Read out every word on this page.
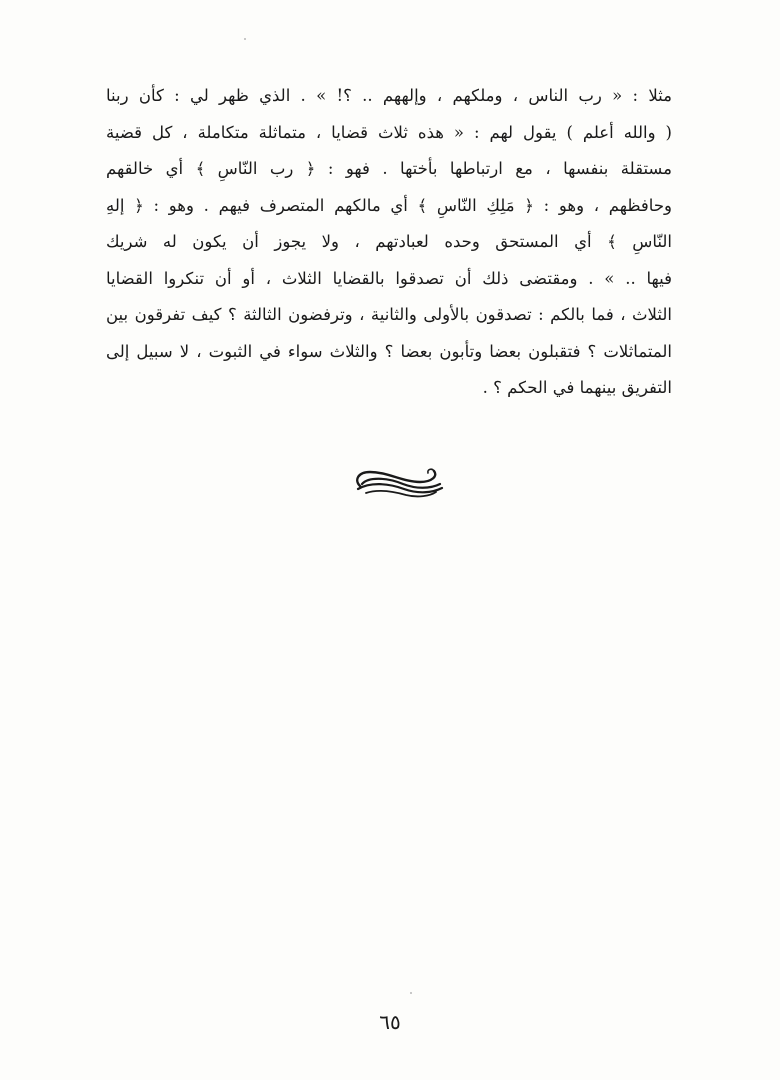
مثلا : « رب الناس ، وملكهم ، وإلههم .. ؟! » . الذي ظهر لي : كأن ربنا
( والله أعلم ) يقول لهم : « هذه ثلاث قضايا ، متماثلة متكاملة ، كل قضية
مستقلة بنفسها ، مع ارتباطها بأختها . فهو : ﴿ رب النّاسِ ﴾ أي خالقهم
وحافظهم ، وهو : ﴿ مَلِكِ النّاسِ ﴾ أي مالكهم المتصرف فيهم . وهو : ﴿ إلهِ
النّاسِ ﴾ أي المستحق وحده لعبادتهم ، ولا يجوز أن يكون له شريك
فيها .. » . ومقتضى ذلك أن تصدقوا بالقضايا الثلاث ، أو أن تنكروا القضايا
الثلاث ، فما بالكم : تصدقون بالأولى والثانية ، وترفضون الثالثة ؟ كيف تفرقون بين
المتماثلات ؟ فتقبلون بعضا وتأبون بعضا ؟ والثلاث سواء في الثبوت ، لا سبيل إلى
التفريق بينهما في الحكم ؟ .
٦٥
